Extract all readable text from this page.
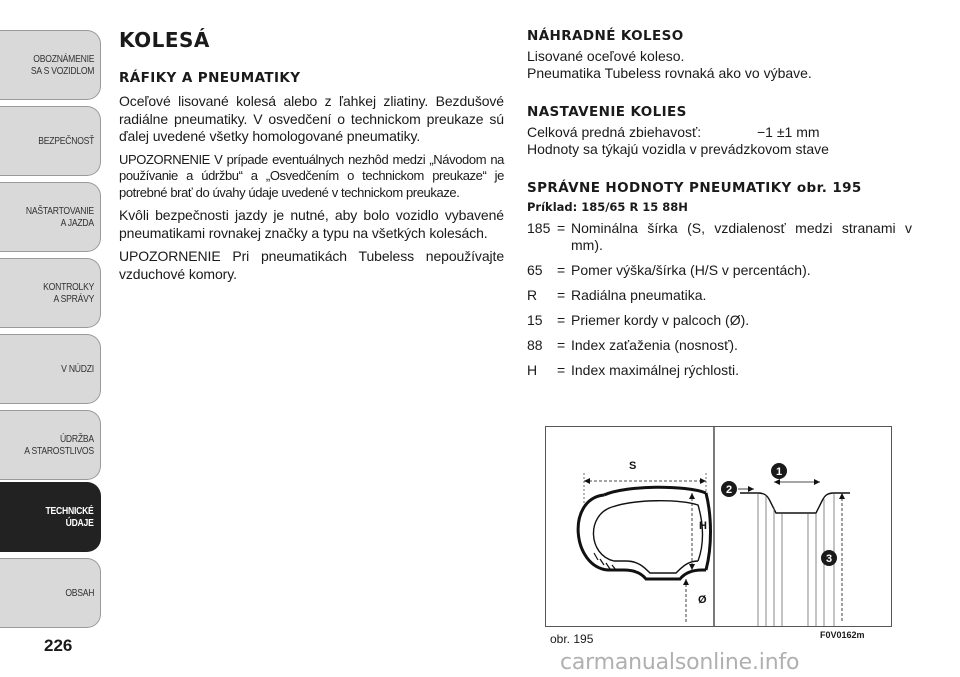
OBOZNÁMENIE
SA S VOZIDLOM
BEZPEČNOSŤ
NAŠTARTOVANIE
A JAZDA
KONTROLKY
A SPRÁVY
V NÚDZI
ÚDRŽBA
A STAROSTLIVOS
TECHNICKÉ
ÚDAJE
OBSAH
226
KOLESÁ
RÁFIKY A PNEUMATIKY

Oceľové lisované kolesá alebo z ľahkej zliatiny. Bezdušové radiálne pneumatiky. V osvedčení o technickom preukaze sú ďalej uvedené všetky homologované pneumatiky.

UPOZORNENIE V prípade eventuálnych nezhôd medzi „Návodom na používanie a údržbu“ a „Osvedčením o technickom preukaze“ je potrebné brať do úvahy údaje uvedené v technickom preukaze.

Kvôli bezpečnosti jazdy je nutné, aby bolo vozidlo vybavené pneumatikami rovnakej značky a typu na všetkých kolesách.

UPOZORNENIE Pri pneumatikách Tubeless nepoužívajte vzduchové komory.

NÁHRADNÉ KOLESO
Lisované oceľové koleso.
Pneumatika Tubeless rovnaká ako vo výbave.
NASTAVENIE KOLIES
Celková predná zbiehavosť:	−1 ±1 mm
Hodnoty sa týkajú vozidla v prevádzkovom stave
SPRÁVNE HODNOTY PNEUMATIKY obr. 195
Príklad: 185/65 R 15 88H
185 = Nominálna šírka (S, vzdialenosť medzi stranami v mm).
65	= Pomer výška/šírka (H/S v percentách).
R	= Radiálna pneumatika.
15	= Priemer kordy v palcoch (Ø).
88	= Index zaťaženia (nosnosť).
H	= Index maximálnej rýchlosti.
S
H
Ø
1
2
3
obr. 195	F0V0162m
carmanualsonline.info
